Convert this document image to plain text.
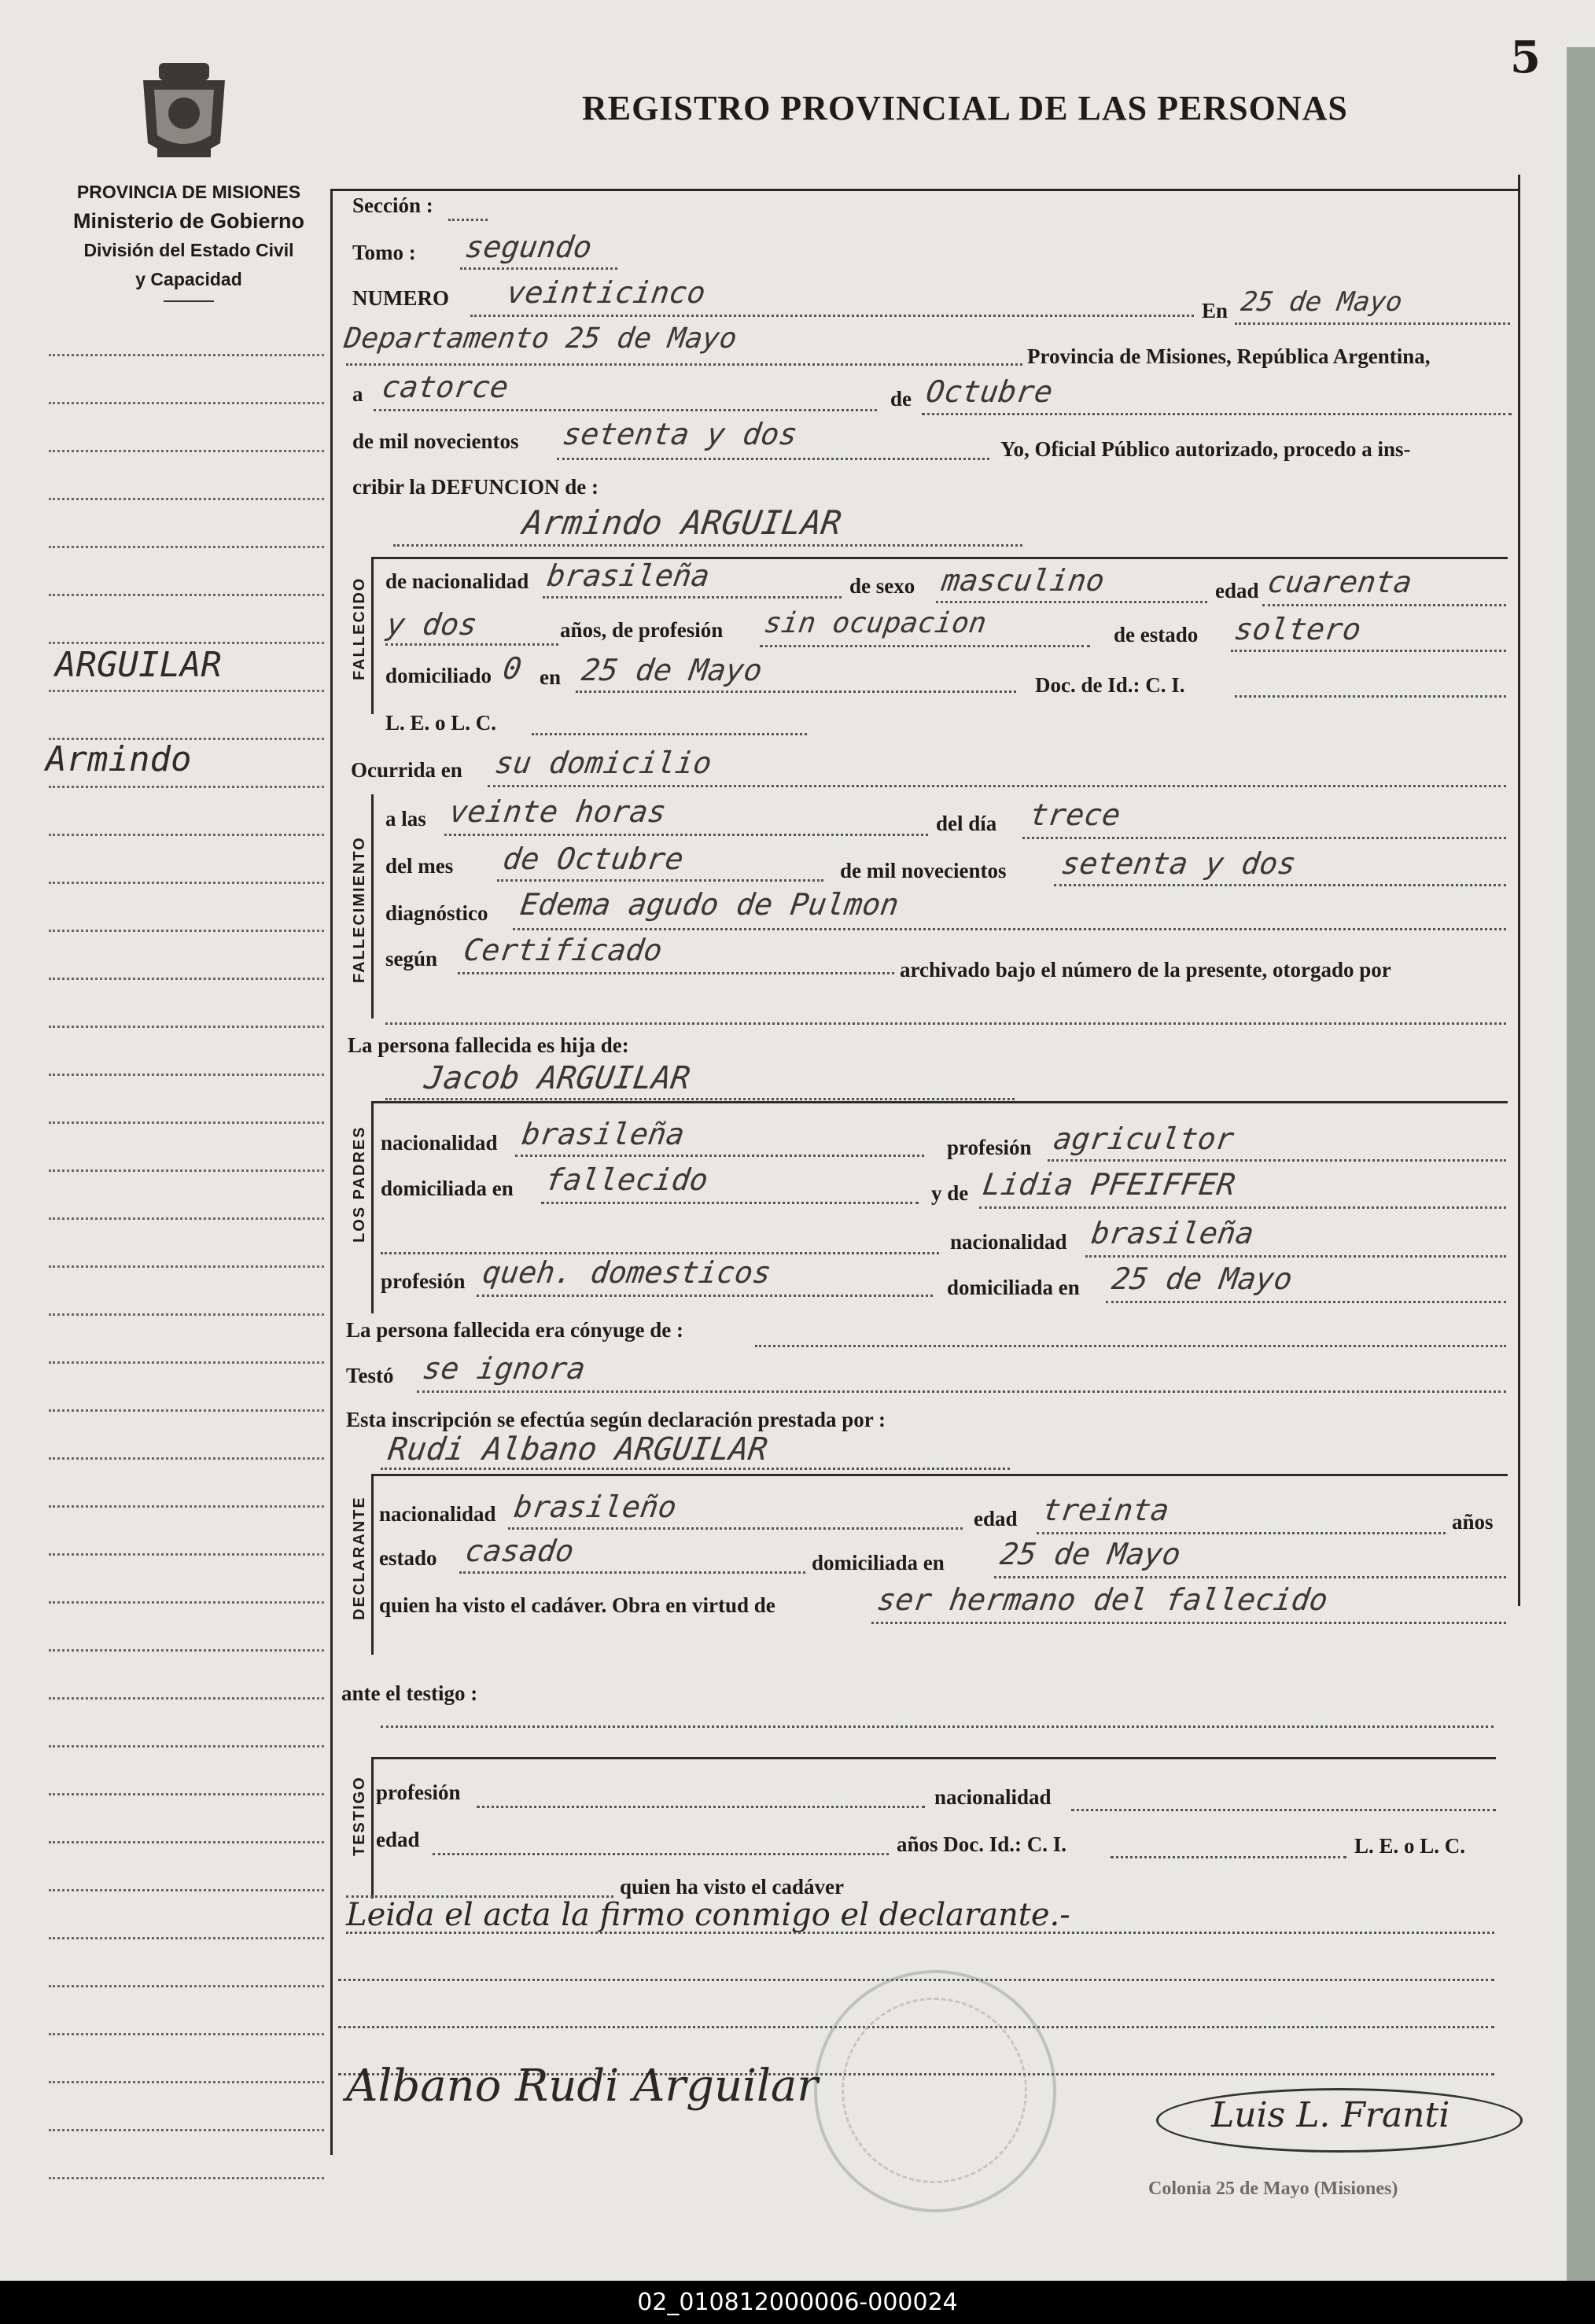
5
REGISTRO PROVINCIAL DE LAS PERSONAS
PROVINCIA DE MISIONES
Ministerio de Gobierno
División del Estado Civil
y Capacidad
ARGUILAR
Armindo
Sección :
Tomo : segundo
NUMERO veinticinco
En 25 de Mayo
Departamento 25 de Mayo
Provincia de Misiones, República Argentina,
a catorce	de Octubre
de mil novecientos setenta y dos	Yo, Oficial Público autorizado, procedo a ins-
cribir la DEFUNCION de :
Armindo ARGUILAR
FALLECIDO de nacionalidad brasileña	de sexo masculino	edad cuarenta
y dos	años, de profesión sin ocupacion	de estado soltero
domiciliado 0 en 25 de Mayo	Doc. de Id.: C. I.
L. E. o L. C.
Ocurrida en su domicilio
FALLECIMIENTO
a las veinte horas	del día trece
del mes de Octubre	de mil novecientos setenta y dos
diagnóstico Edema agudo de Pulmon
según Certificado
archivado bajo el número de la presente, otorgado por
La persona fallecida es hija de:
Jacob ARGUILAR
LOS PADRES nacionalidad brasileña	profesión agricultor
domiciliada en fallecido	y de Lidia PFEIFFER
nacionalidad brasileña
profesión queh. domesticos	domiciliada en 25 de Mayo
La persona fallecida era cónyuge de :
Testó se ignora
Esta inscripción se efectúa según declaración prestada por :
Rudi Albano ARGUILAR
DECLARANTE nacionalidad brasileño	edad treinta	años
estado casado	domiciliada en 25 de Mayo
quien ha visto el cadáver. Obra en virtud de	ser hermano del fallecido
ante el testigo :
TESTIGO profesión	nacionalidad
edad	años Doc. Id.: C. I.	L. E. o L. C.
quien ha visto el cadáver
Leida el acta la firmo conmigo el declarante.-
Albano Rudi Arguilar
Luis L. Franti
Colonia 25 de Mayo (Misiones)
02_010812000006-000024
